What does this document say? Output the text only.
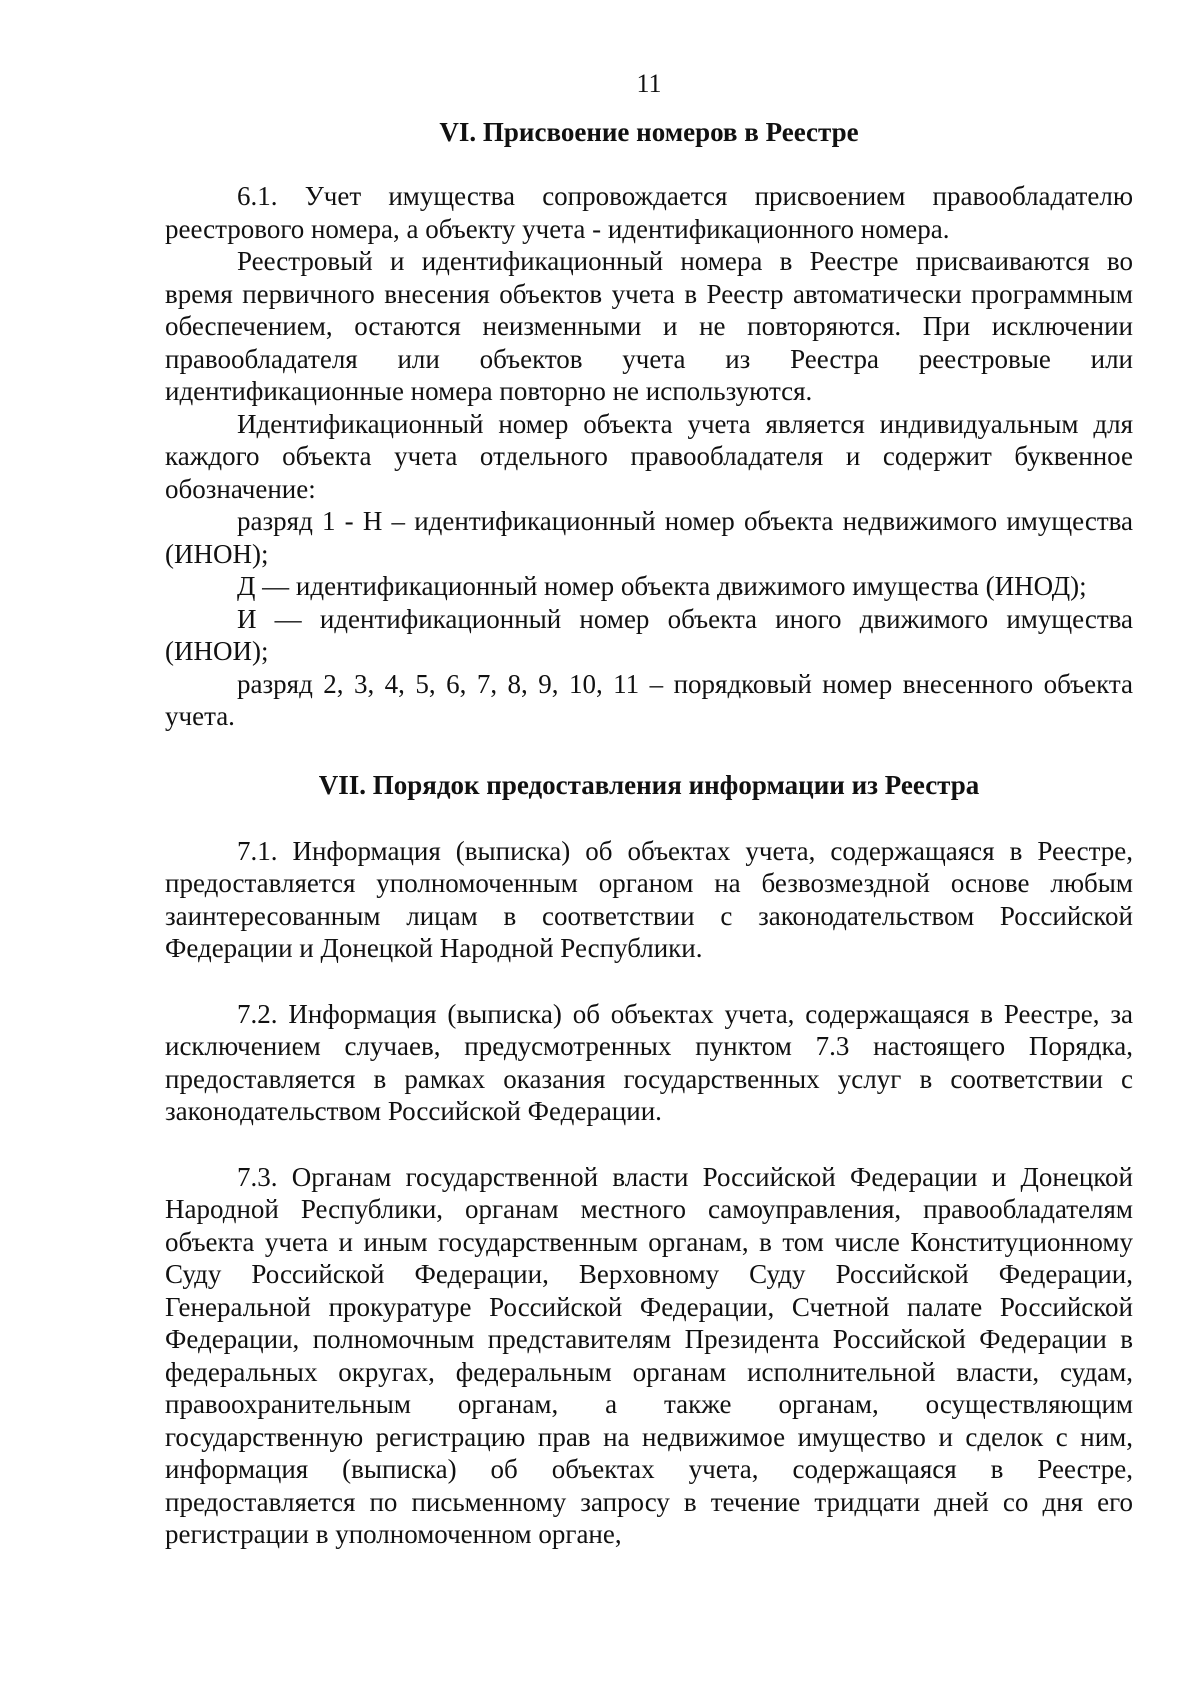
11
VI. Присвоение номеров в Реестре

6.1. Учет имущества сопровождается присвоением правообладателю реестрового номера, а объекту учета - идентификационного номера.

Реестровый и идентификационный номера в Реестре присваиваются во время первичного внесения объектов учета в Реестр автоматически программным обеспечением, остаются неизменными и не повторяются. При исключении правообладателя или объектов учета из Реестра реестровые или идентификационные номера повторно не используются.

Идентификационный номер объекта учета является индивидуальным для каждого объекта учета отдельного правообладателя и содержит буквенное обозначение:

разряд 1 - Н – идентификационный номер объекта недвижимого имущества (ИНОН);

Д — идентификационный номер объекта движимого имущества (ИНОД);

И — идентификационный номер объекта иного движимого имущества (ИНОИ);

разряд 2, 3, 4, 5, 6, 7, 8, 9, 10, 11 – порядковый номер внесенного объекта учета.

VII. Порядок предоставления информации из Реестра

7.1. Информация (выписка) об объектах учета, содержащаяся в Реестре, предоставляется уполномоченным органом на безвозмездной основе любым заинтересованным лицам в соответствии с законодательством Российской Федерации и Донецкой Народной Республики.

7.2. Информация (выписка) об объектах учета, содержащаяся в Реестре, за исключением случаев, предусмотренных пунктом 7.3 настоящего Порядка, предоставляется в рамках оказания государственных услуг в соответствии с законодательством Российской Федерации.

7.3. Органам государственной власти Российской Федерации и Донецкой Народной Республики, органам местного самоуправления, правообладателям объекта учета и иным государственным органам, в том числе Конституционному Суду Российской Федерации, Верховному Суду Российской Федерации, Генеральной прокуратуре Российской Федерации, Счетной палате Российской Федерации, полномочным представителям Президента Российской Федерации в федеральных округах, федеральным органам исполнительной власти, судам, правоохранительным органам, а также органам, осуществляющим государственную регистрацию прав на недвижимое имущество и сделок с ним, информация (выписка) об объектах учета, содержащаяся в Реестре, предоставляется по письменному запросу в течение тридцати дней со дня его регистрации в уполномоченном органе,
